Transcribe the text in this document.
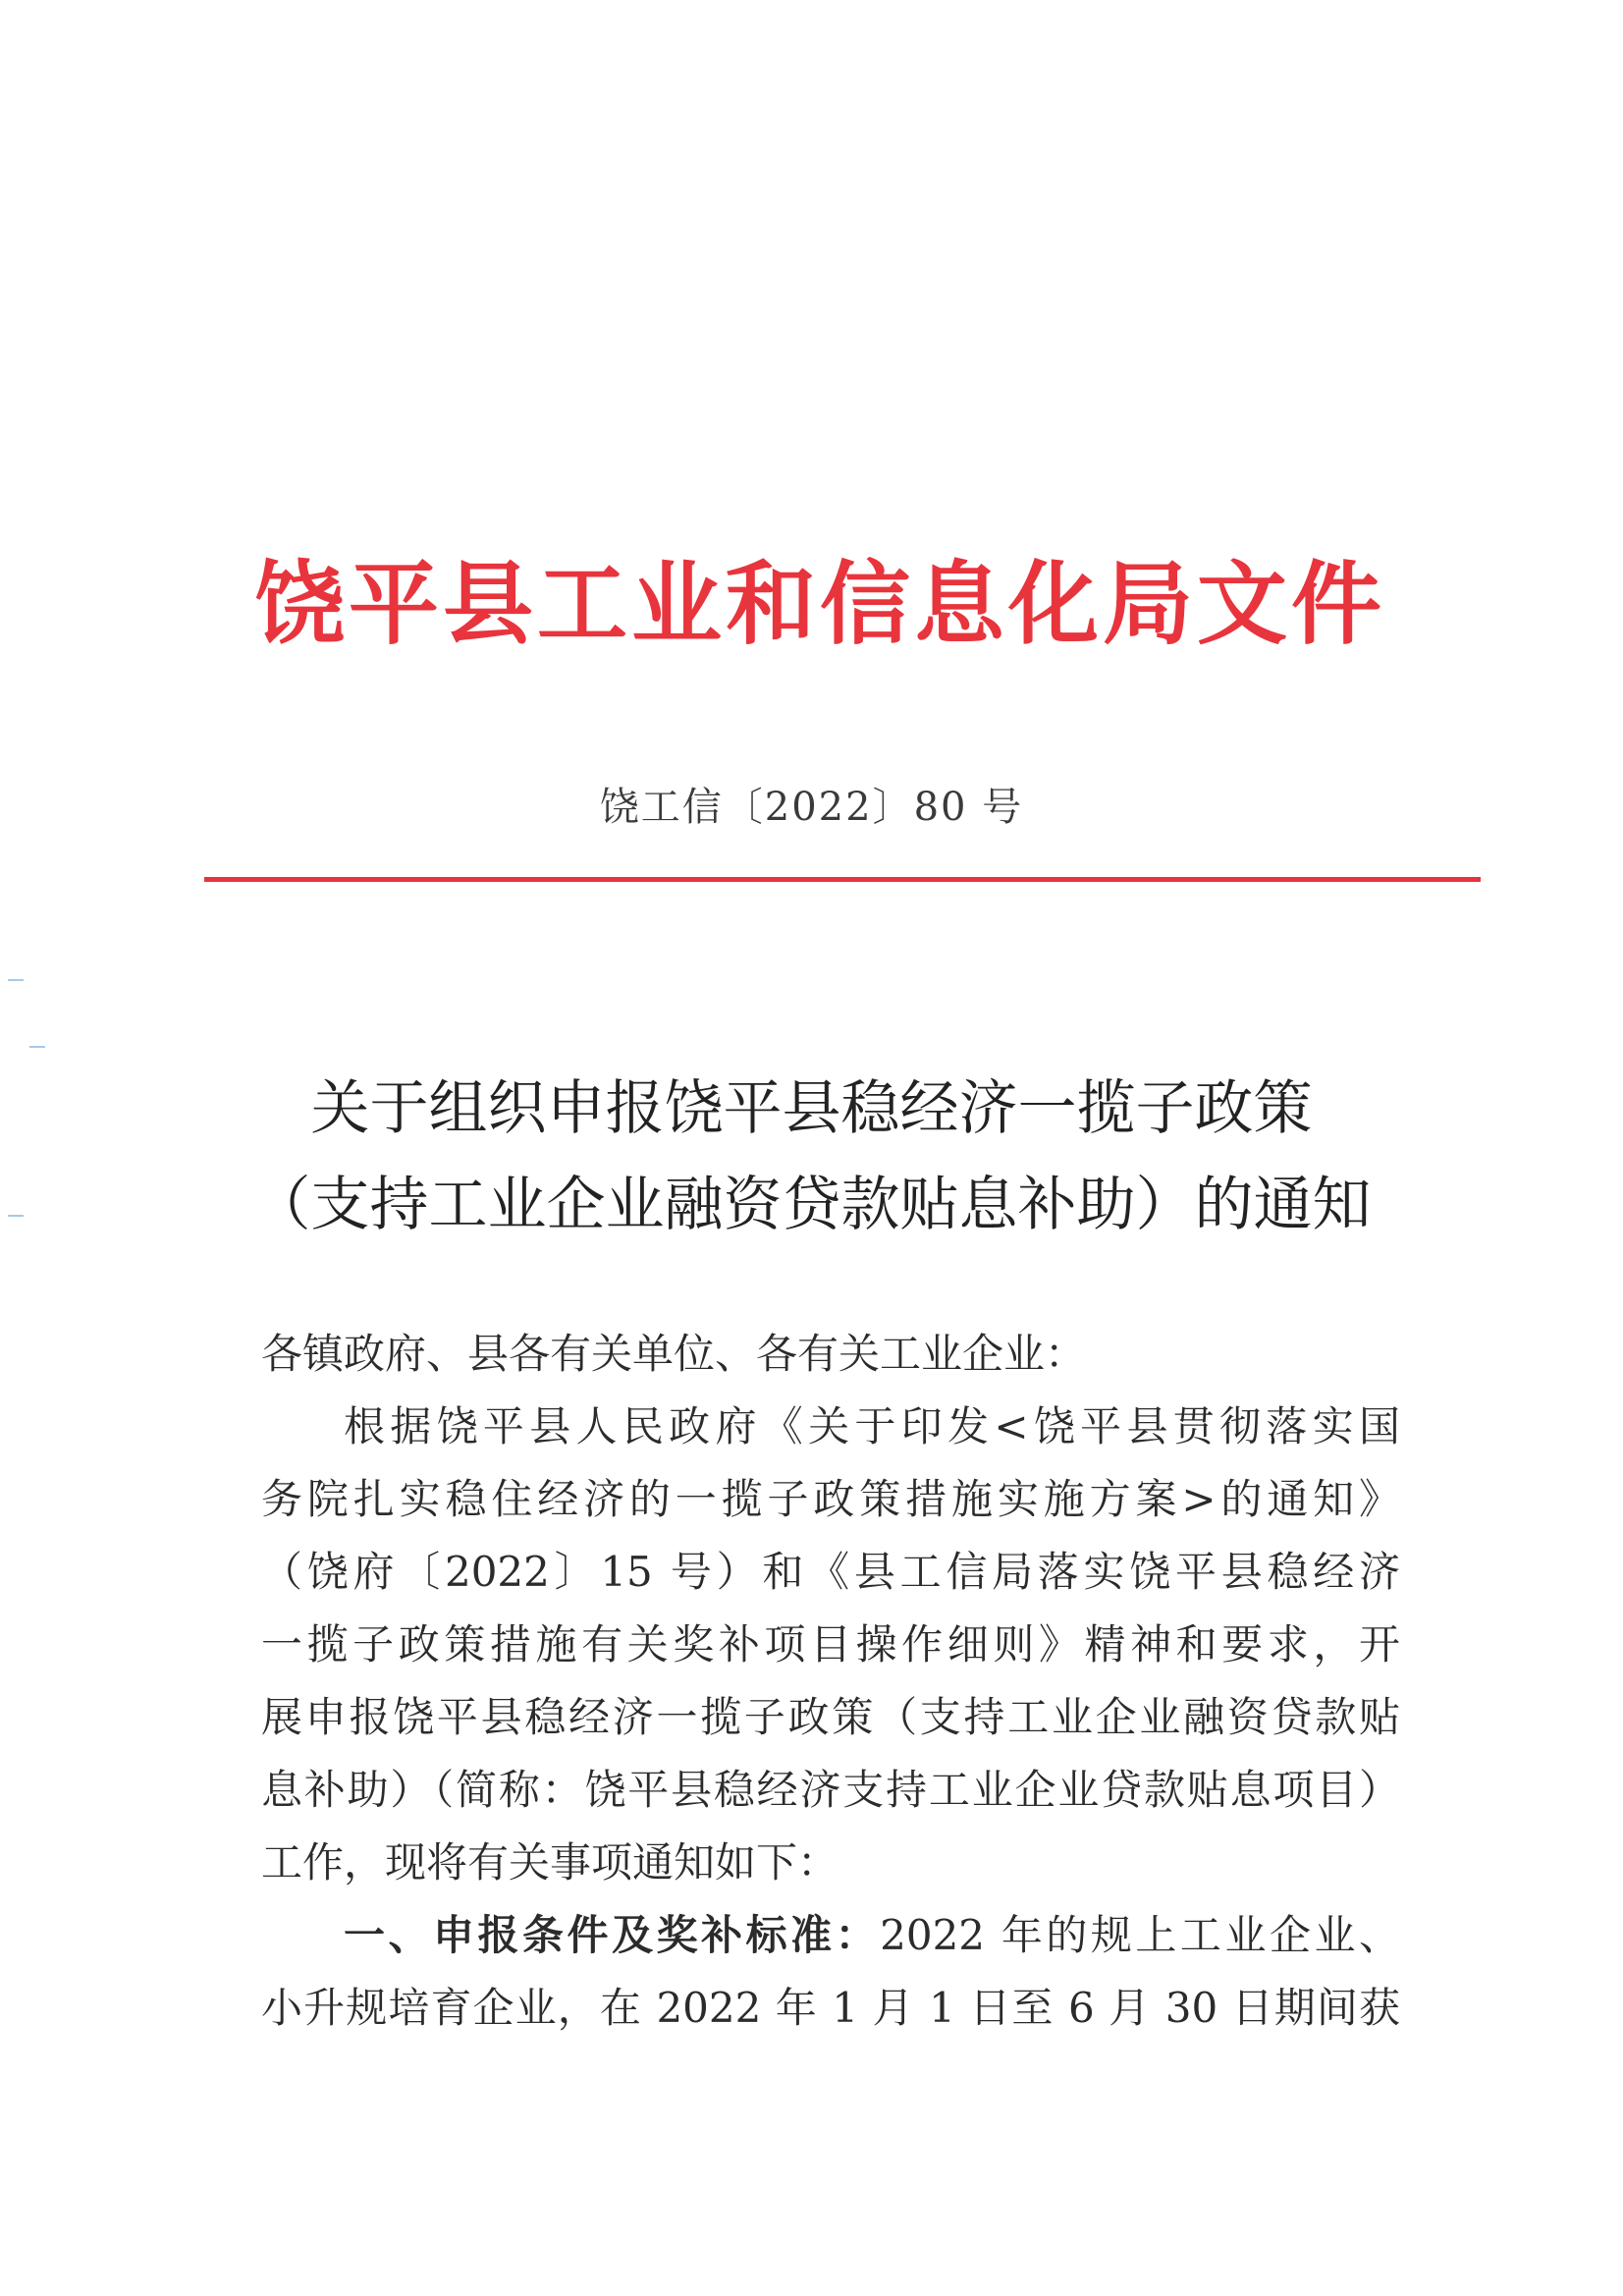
饶平县工业和信息化局文件
饶工信〔2022〕80 号
关于组织申报饶平县稳经济一揽子政策
（支持工业企业融资贷款贴息补助）的通知
各镇政府、县各有关单位、各有关工业企业：
根据饶平县人民政府《关于印发<饶平县贯彻落实国
务院扎实稳住经济的一揽子政策措施实施方案>的通知》
（饶府〔2022〕15 号）和《县工信局落实饶平县稳经济
一揽子政策措施有关奖补项目操作细则》精神和要求，开
展申报饶平县稳经济一揽子政策（支持工业企业融资贷款贴
息补助）（简称：饶平县稳经济支持工业企业贷款贴息项目）
工作，现将有关事项通知如下：
一、申报条件及奖补标准：2022 年的规上工业企业、
小升规培育企业，在 2022 年 1 月 1 日至 6 月 30 日期间获
